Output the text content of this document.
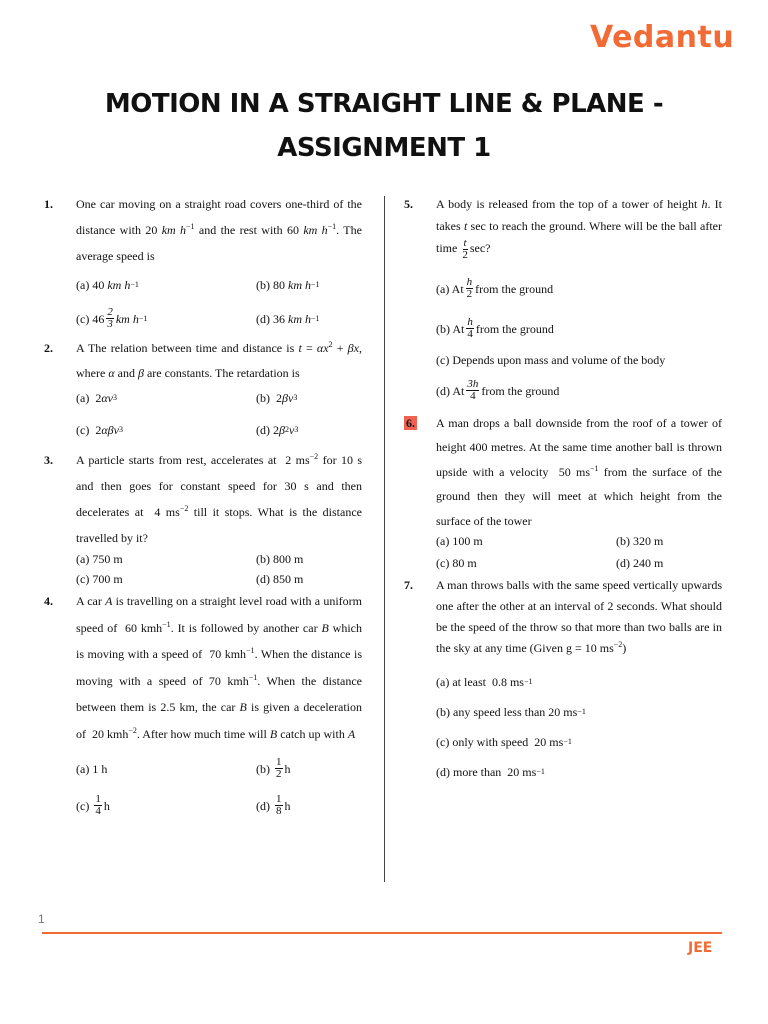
Vedantu
MOTION IN A STRAIGHT LINE & PLANE -
ASSIGNMENT 1
1.	One car moving on a straight road covers one-third of the distance with 20 km $h^{-1}$ and the rest with 60 km $h^{-1}$. The average speed is
(a) 40 km h −1	(b) 80 km h −1
(c) 46 2
3 km h −1	(d) 36 km h −1
2.	A The relation between time and distance is $t = \alpha x^2 + \beta x$, where α and β are constants. The retardation is
(a)  2 αv 3	(b)  2 βv 3
(c)  2 αβv 3	(d) 2 β 2 v 3
3.	A particle starts from rest, accelerates at  2 $ms^{-2}$ for 10 s and then goes for constant speed for 30 s and then decelerates at  4 $ms^{-2}$ till it stops. What is the distance travelled by it?
(a) 750 m	(b) 800 m
(c) 700 m	(d) 850 m
4.	A car A is travelling on a straight level road with a uniform speed of  60 kmh$^{-1}$. It is followed by another car B which is moving with a speed of  70 kmh$^{-1}$. When the distance is moving with a speed of 70 kmh$^{-1}$. When the distance between them is 2.5 km, the car B is given a deceleration of  20 kmh$^{-2}$. After how much time will B catch up with A
(a) 1 h	(b) 1
2 h
(c) 1
4 h	(d) 1
8 h
5.	A body is released from the top of a tower of height h. It takes t sec to reach the ground. Where will be the ball after time $\frac{t}{2} \sec$?
(a) At h
2 from the ground
(b) At h
4 from the ground
(c) Depends upon mass and volume of the body
(d) At 3h
4 from the ground
6.	A man drops a ball downside from the roof of a tower of height 400 metres. At the same time another ball is thrown upside with a velocity  50 $ms^{-1}$ from the surface of the ground then they will meet at which height from the surface of the tower
(a) 100 m	(b) 320 m
(c) 80 m	(d) 240 m
7.	A man throws balls with the same speed vertically upwards one after the other at an interval of 2 seconds. What should be the speed of the throw so that more than two balls are in the sky at any time (Given g = 10 $ms^{-2}$)
(a) at least  0.8 ms −1
(b) any speed less than 20 ms −1
(c) only with speed  20 ms −1
(d) more than  20 ms −1
1
JEE
